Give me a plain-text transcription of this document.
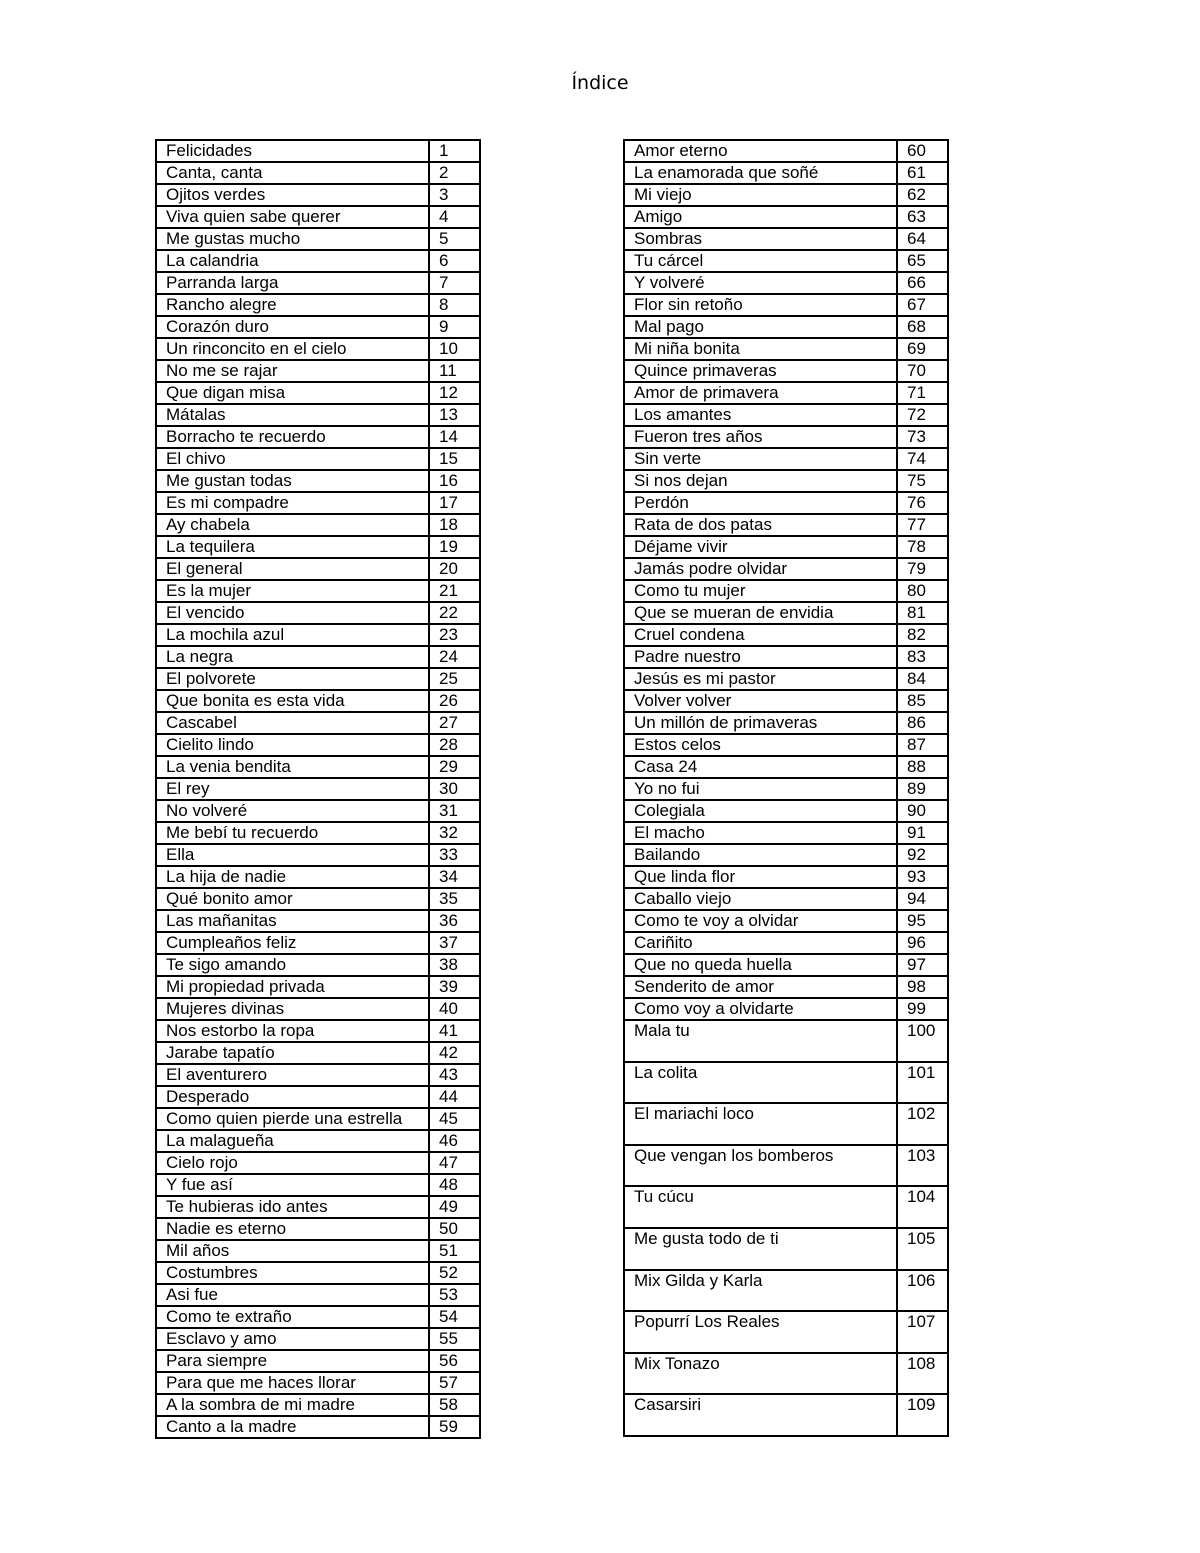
Índice
Felicidades	1
Canta, canta	2
Ojitos verdes	3
Viva quien sabe querer	4
Me gustas mucho	5
La calandria	6
Parranda larga	7
Rancho alegre	8
Corazón duro	9
Un rinconcito en el cielo	10
No me se rajar	11
Que digan misa	12
Mátalas	13
Borracho te recuerdo	14
El chivo	15
Me gustan todas	16
Es mi compadre	17
Ay chabela	18
La tequilera	19
El general	20
Es la mujer	21
El vencido	22
La mochila azul	23
La negra	24
El polvorete	25
Que bonita es esta vida	26
Cascabel	27
Cielito lindo	28
La venia bendita	29
El rey	30
No volveré	31
Me bebí tu recuerdo	32
Ella	33
La hija de nadie	34
Qué bonito amor	35
Las mañanitas	36
Cumpleaños feliz	37
Te sigo amando	38
Mi propiedad privada	39
Mujeres divinas	40
Nos estorbo la ropa	41
Jarabe tapatío	42
El aventurero	43
Desperado	44
Como quien pierde una estrella	45
La malagueña	46
Cielo rojo	47
Y fue así	48
Te hubieras ido antes	49
Nadie es eterno	50
Mil años	51
Costumbres	52
Asi fue	53
Como te extraño	54
Esclavo y amo	55
Para siempre	56
Para que me haces llorar	57
A la sombra de mi madre	58
Canto a la madre	59
Amor eterno	60
La enamorada que soñé	61
Mi viejo	62
Amigo	63
Sombras	64
Tu cárcel	65
Y volveré	66
Flor sin retoño	67
Mal pago	68
Mi niña bonita	69
Quince primaveras	70
Amor de primavera	71
Los amantes	72
Fueron tres años	73
Sin verte	74
Si nos dejan	75
Perdón	76
Rata de dos patas	77
Déjame vivir	78
Jamás podre olvidar	79
Como tu mujer	80
Que se mueran de envidia	81
Cruel condena	82
Padre nuestro	83
Jesús es mi pastor	84
Volver volver	85
Un millón de primaveras	86
Estos celos	87
Casa 24	88
Yo no fui	89
Colegiala	90
El macho	91
Bailando	92
Que linda flor	93
Caballo viejo	94
Como te voy a olvidar	95
Cariñito	96
Que no queda huella	97
Senderito de amor	98
Como voy a olvidarte	99
Mala tu	100
La colita	101
El mariachi loco	102
Que vengan los bomberos	103
Tu cúcu	104
Me gusta todo de ti	105
Mix Gilda y Karla	106
Popurrí Los Reales	107
Mix Tonazo	108
Casarsiri	109
